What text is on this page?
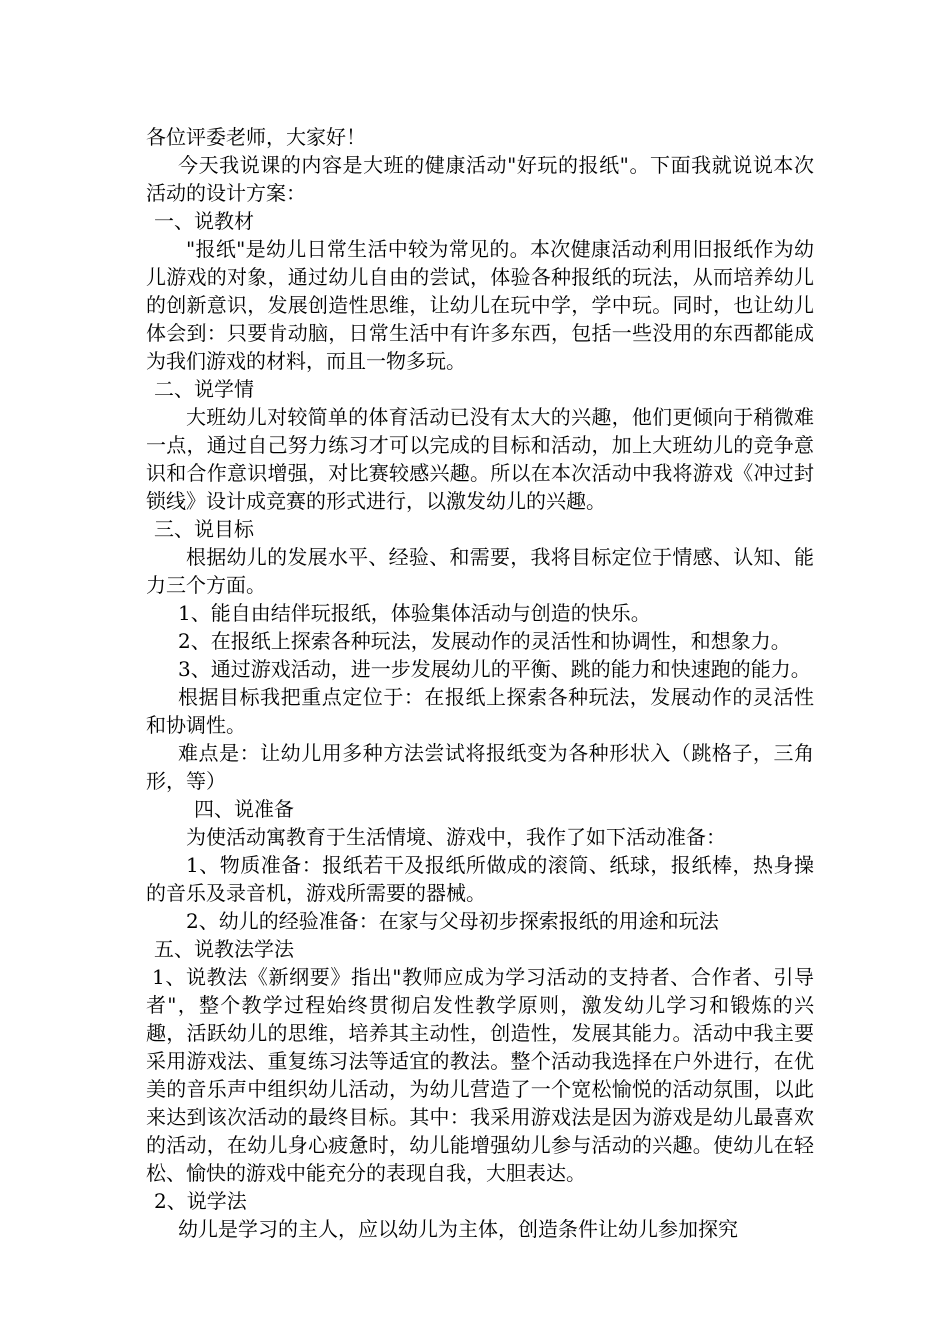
各位评委老师，大家好！

今天我说课的内容是大班的健康活动"好玩的报纸"。下面我就说说本次活动的设计方案：

一、说教材

"报纸"是幼儿日常生活中较为常见的。本次健康活动利用旧报纸作为幼儿游戏的对象，通过幼儿自由的尝试，体验各种报纸的玩法，从而培养幼儿的创新意识，发展创造性思维，让幼儿在玩中学，学中玩。同时，也让幼儿体会到：只要肯动脑，日常生活中有许多东西，包括一些没用的东西都能成为我们游戏的材料，而且一物多玩。

二、说学情

大班幼儿对较简单的体育活动已没有太大的兴趣，他们更倾向于稍微难一点，通过自己努力练习才可以完成的目标和活动，加上大班幼儿的竞争意识和合作意识增强，对比赛较感兴趣。所以在本次活动中我将游戏《冲过封锁线》设计成竞赛的形式进行，以激发幼儿的兴趣。

三、说目标

根据幼儿的发展水平、经验、和需要，我将目标定位于情感、认知、能力三个方面。

1、能自由结伴玩报纸，体验集体活动与创造的快乐。

2、在报纸上探索各种玩法，发展动作的灵活性和协调性，和想象力。

3、通过游戏活动，进一步发展幼儿的平衡、跳的能力和快速跑的能力。

根据目标我把重点定位于：在报纸上探索各种玩法，发展动作的灵活性和协调性。

难点是：让幼儿用多种方法尝试将报纸变为各种形状入（跳格子，三角形，等）

四、说准备

为使活动寓教育于生活情境、游戏中，我作了如下活动准备：

1、物质准备：报纸若干及报纸所做成的滚筒、纸球，报纸棒，热身操的音乐及录音机，游戏所需要的器械。

2、幼儿的经验准备：在家与父母初步探索报纸的用途和玩法

五、说教法学法

1、说教法《新纲要》指出"教师应成为学习活动的支持者、合作者、引导者"，整个教学过程始终贯彻启发性教学原则，激发幼儿学习和锻炼的兴趣，活跃幼儿的思维，培养其主动性，创造性，发展其能力。活动中我主要采用游戏法、重复练习法等适宜的教法。整个活动我选择在户外进行，在优美的音乐声中组织幼儿活动，为幼儿营造了一个宽松愉悦的活动氛围，以此来达到该次活动的最终目标。其中：我采用游戏法是因为游戏是幼儿最喜欢的活动，在幼儿身心疲惫时，幼儿能增强幼儿参与活动的兴趣。使幼儿在轻松、愉快的游戏中能充分的表现自我，大胆表达。

2、说学法

幼儿是学习的主人，应以幼儿为主体，创造条件让幼儿参加探究
